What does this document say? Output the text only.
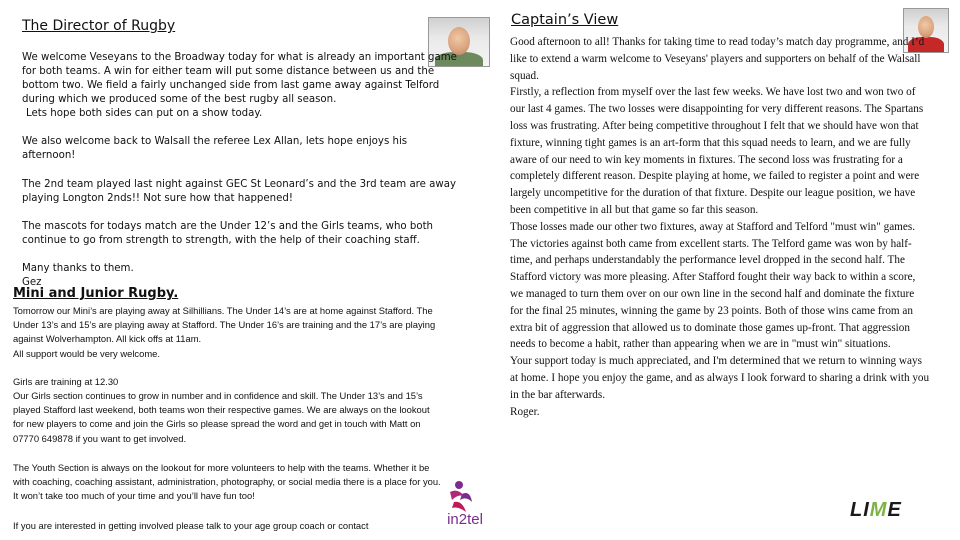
The Director of Rugby

We welcome Veseyans to the Broadway today for what is already an important game for both teams. A win for either team will put some distance between us and the bottom two. We field a fairly unchanged side from last game away against Telford during which we produced some of the best rugby all season.

Lets hope both sides can put on a show today.

We also welcome back to Walsall the referee Lex Allan, lets hope enjoys his afternoon!

The 2nd team played last night against GEC St Leonard’s and the 3rd team are away playing Longton 2nds!! Not sure how that happened!

The mascots for todays match are the Under 12’s and the Girls teams, who both continue to go from strength to strength, with the help of their coaching staff.

Many thanks to them.

Gez

Mini and Junior Rugby.

Tomorrow our Mini’s are playing away at Silhillians. The Under 14’s are at home against Stafford. The Under 13’s and 15’s are playing away at Stafford. The Under 16’s are training and the 17’s are playing against Wolverhampton. All kick offs at 11am.

All support would be very welcome.

Girls are training at 12.30

Our Girls section continues to grow in number and in confidence and skill. The Under 13’s and 15’s played Stafford last weekend, both teams won their respective games. We are always on the lookout for new players to come and join the Girls so please spread the word and get in touch with Matt on 07770 649878 if you want to get involved.

The Youth Section is always on the lookout for more volunteers to help with the teams. Whether it be with coaching, coaching assistant, administration, photography, or social media there is a place for you. It won’t take too much of your time and you’ll have fun too!

If you are interested in getting involved please talk to your age group coach or contact	in2tel
Captain’s View

Good afternoon to all! Thanks for taking time to read today’s match day programme, and I’d like to extend a warm welcome to Veseyans' players and supporters on behalf of the Walsall squad.

Firstly, a reflection from myself over the last few weeks. We have lost two and won two of our last 4 games. The two losses were disappointing for very different reasons. The Spartans loss was frustrating. After being competitive throughout I felt that we should have won that fixture, winning tight games is an art-form that this squad needs to learn, and we are fully aware of our need to win key moments in fixtures. The second loss was frustrating for a completely different reason. Despite playing at home, we failed to register a point and were largely uncompetitive for the duration of that fixture. Despite our league position, we have been competitive in all but that game so far this season.

Those losses made our other two fixtures, away at Stafford and Telford "must win" games. The victories against both came from excellent starts. The Telford game was won by half-time, and perhaps understandably the performance level dropped in the second half. The Stafford victory was more pleasing. After Stafford fought their way back to within a score, we managed to turn them over on our own line in the second half and dominate the fixture for the final 25 minutes, winning the game by 23 points. Both of those wins came from an extra bit of aggression that allowed us to dominate those games up-front. That aggression needs to become a habit, rather than appearing when we are in "must win" situations.

Your support today is much appreciated, and I'm determined that we return to winning ways at home. I hope you enjoy the game, and as always I look forward to sharing a drink with you in the bar afterwards.

Roger.

LIME
